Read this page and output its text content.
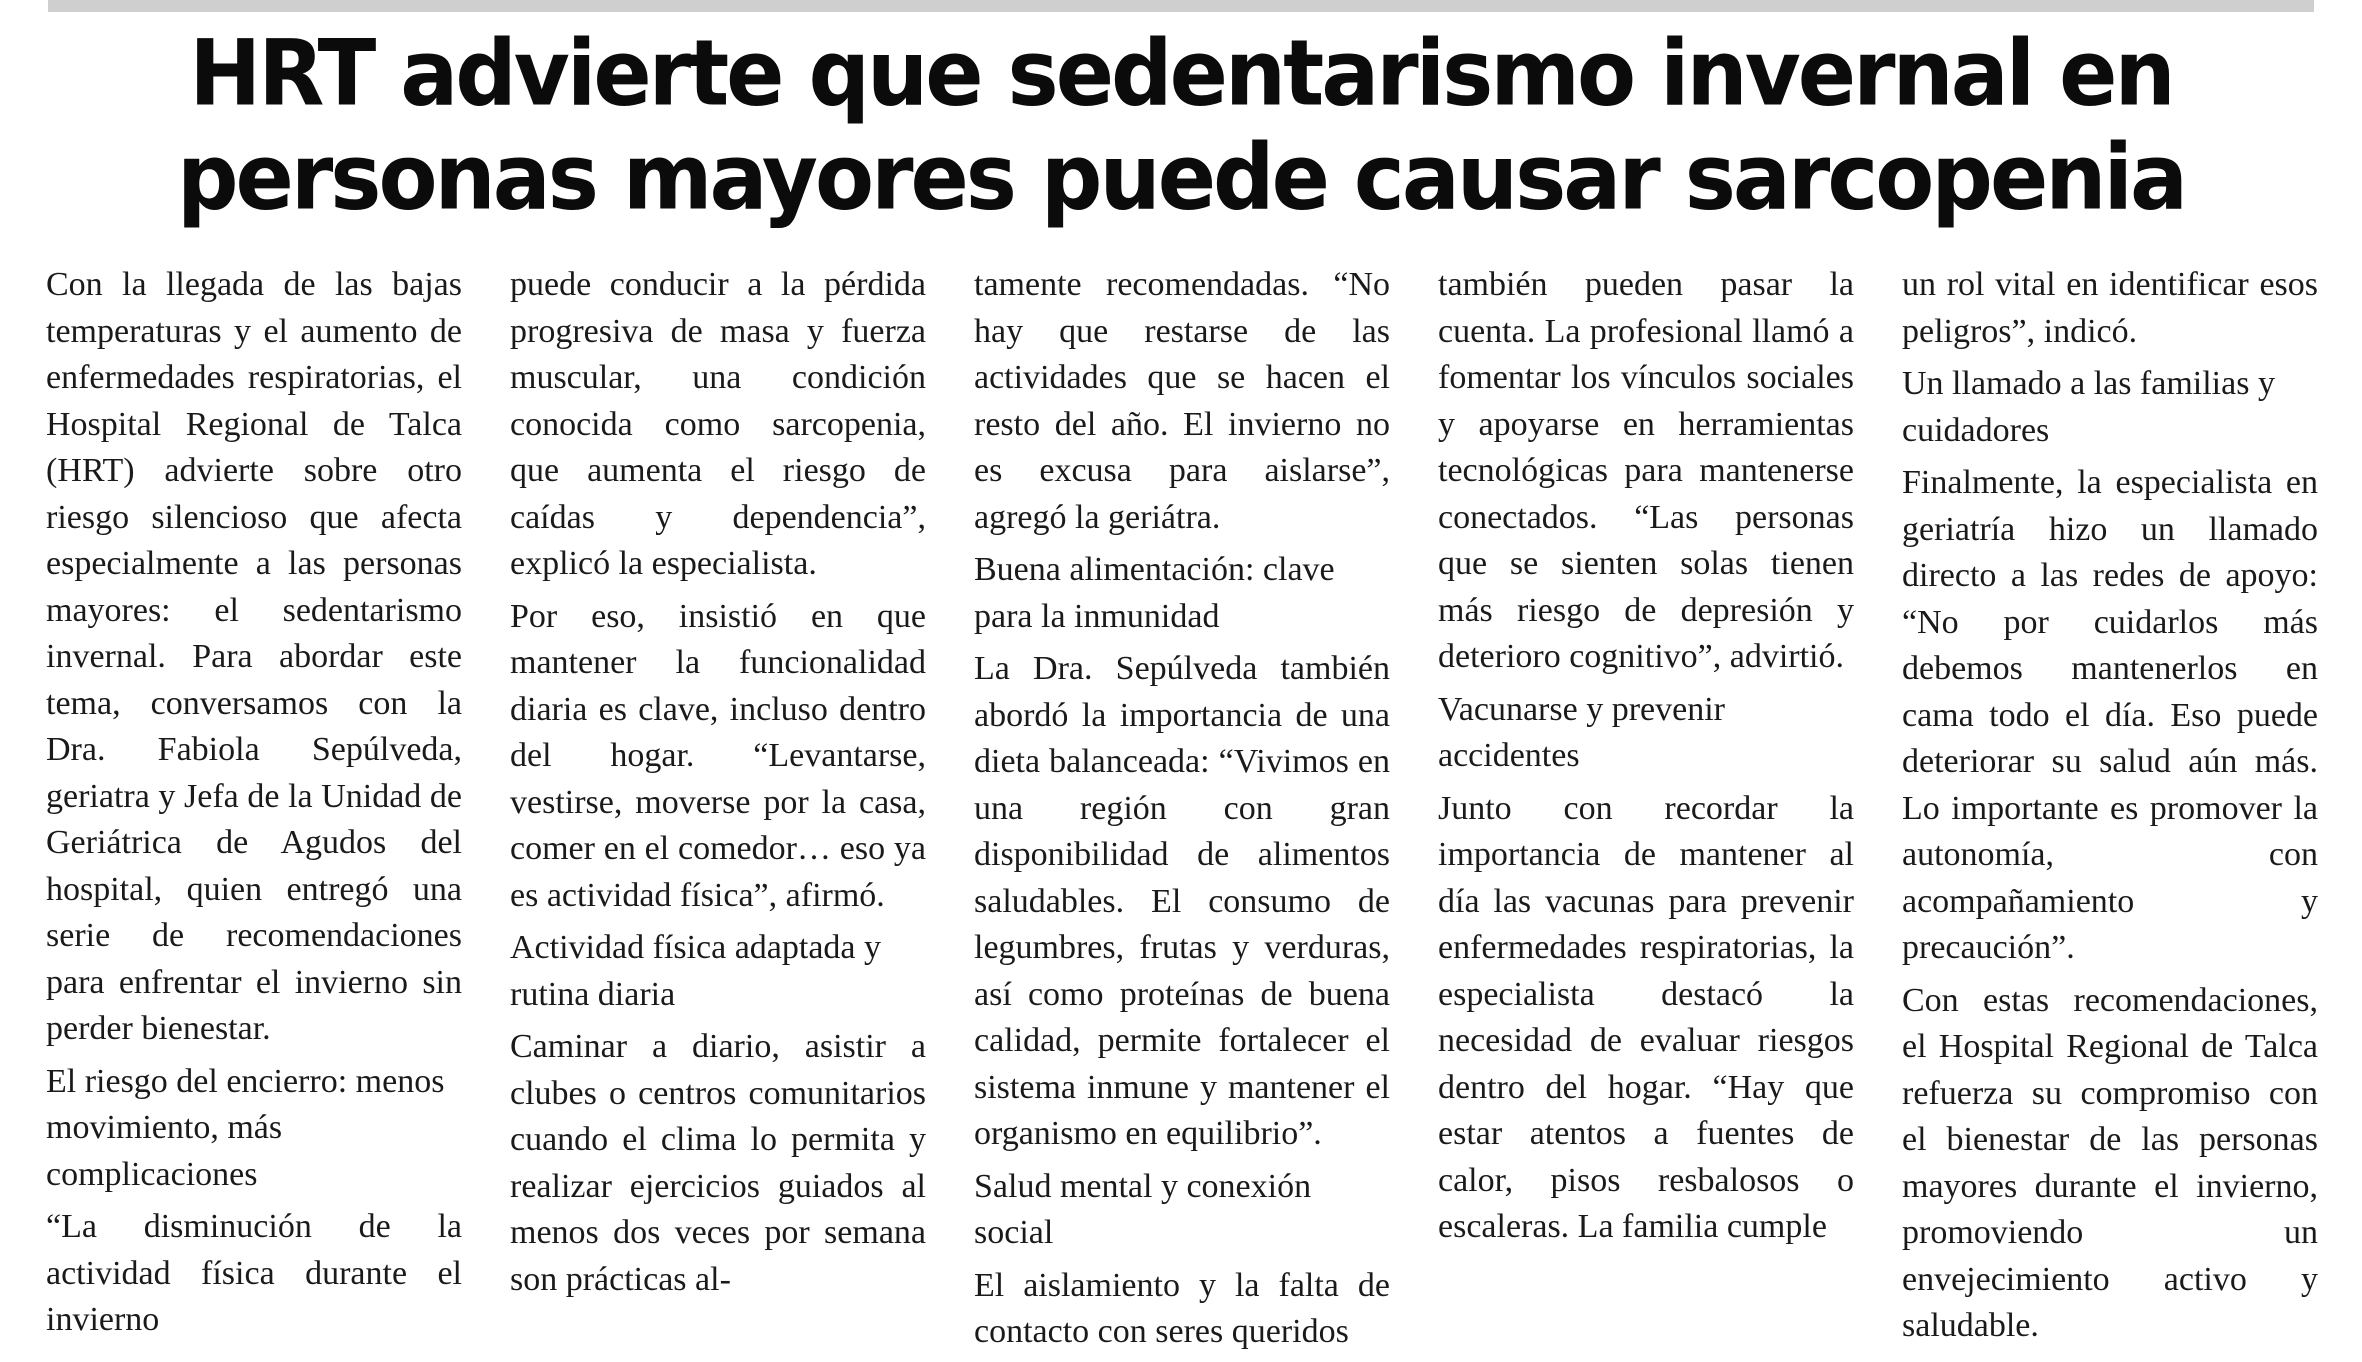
HRT advierte que sedentarismo invernal en personas mayores puede causar sarcopenia

Con la llegada de las bajas temperaturas y el aumento de enfermedades respiratorias, el Hospital Regional de Talca (HRT) advierte sobre otro riesgo silencioso que afecta especialmente a las personas mayores: el sedentarismo invernal. Para abordar este tema, conversamos con la Dra. Fabiola Sepúlveda, geriatra y Jefa de la Unidad de Geriátrica de Agudos del hospital, quien entregó una serie de recomendaciones para enfrentar el invierno sin perder bienestar.

El riesgo del encierro: menos movimiento, más complicaciones

“La disminución de la actividad física durante el invierno

puede conducir a la pérdida progresiva de masa y fuerza muscular, una condición conocida como sarcopenia, que aumenta el riesgo de caídas y dependencia”, explicó la especialista.

Por eso, insistió en que mantener la funcionalidad diaria es clave, incluso dentro del hogar. “Levantarse, vestirse, moverse por la casa, comer en el comedor… eso ya es actividad física”, afirmó.

Actividad física adaptada y rutina diaria

Caminar a diario, asistir a clubes o centros comunitarios cuando el clima lo permita y realizar ejercicios guiados al menos dos veces por semana son prácticas al-

tamente recomendadas. “No hay que restarse de las actividades que se hacen el resto del año. El invierno no es excusa para aislarse”, agregó la geriátra.

Buena alimentación: clave para la inmunidad

La Dra. Sepúlveda también abordó la importancia de una dieta balanceada: “Vivimos en una región con gran disponibilidad de alimentos saludables. El consumo de legumbres, frutas y verduras, así como proteínas de buena calidad, permite fortalecer el sistema inmune y mantener el organismo en equilibrio”.

Salud mental y conexión social

El aislamiento y la falta de contacto con seres queridos

también pueden pasar la cuenta. La profesional llamó a fomentar los vínculos sociales y apoyarse en herramientas tecnológicas para mantenerse conectados. “Las personas que se sienten solas tienen más riesgo de depresión y deterioro cognitivo”, advirtió.

Vacunarse y prevenir accidentes

Junto con recordar la importancia de mantener al día las vacunas para prevenir enfermedades respiratorias, la especialista destacó la necesidad de evaluar riesgos dentro del hogar. “Hay que estar atentos a fuentes de calor, pisos resbalosos o escaleras. La familia cumple

un rol vital en identificar esos peligros”, indicó.

Un llamado a las familias y cuidadores

Finalmente, la especialista en geriatría hizo un llamado directo a las redes de apoyo: “No por cuidarlos más debemos mantenerlos en cama todo el día. Eso puede deteriorar su salud aún más. Lo importante es promover la autonomía, con acompañamiento y precaución”.

Con estas recomendaciones, el Hospital Regional de Talca refuerza su compromiso con el bienestar de las personas mayores durante el invierno, promoviendo un envejecimiento activo y saludable.
